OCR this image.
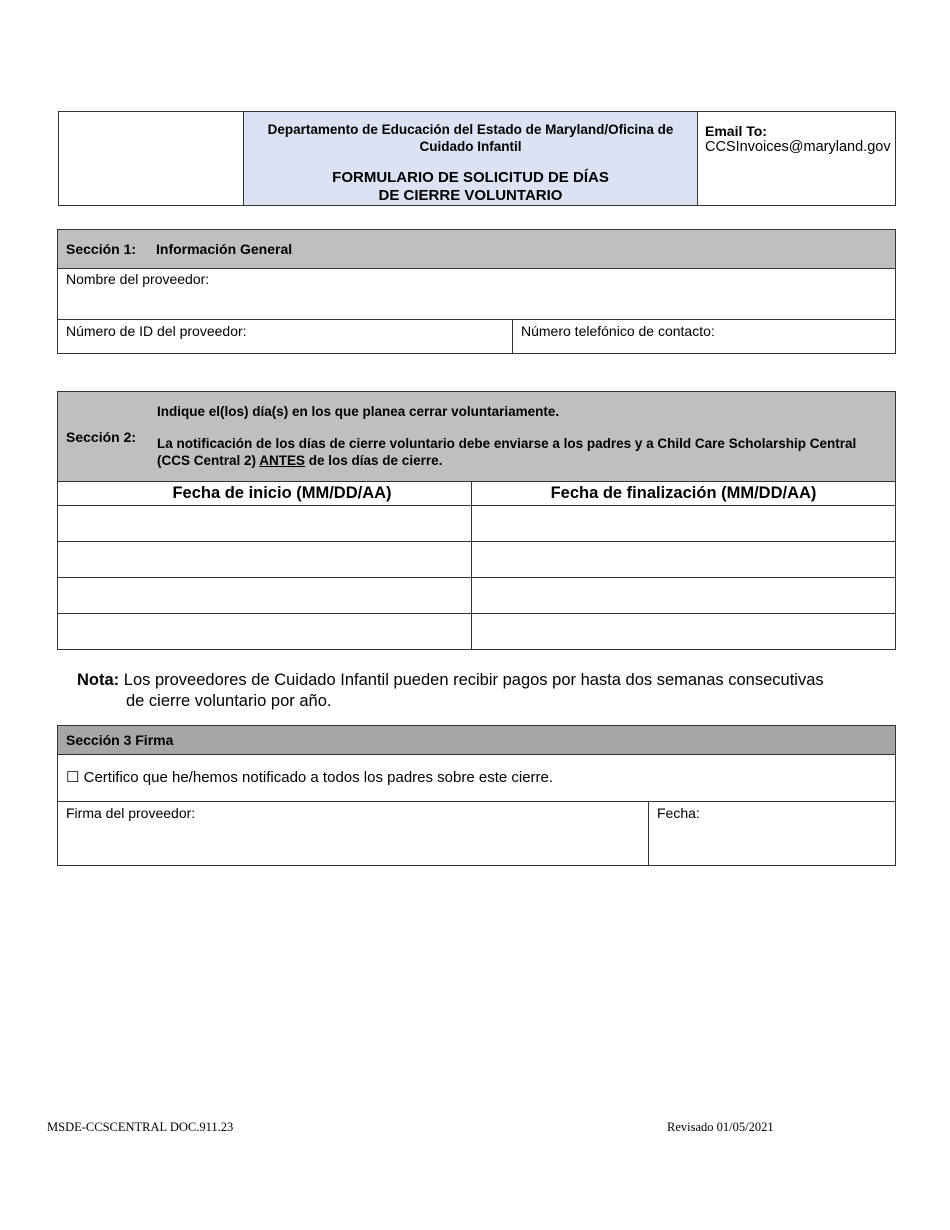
Departamento de Educación del Estado de Maryland/Oficina de Cuidado Infantil
FORMULARIO DE SOLICITUD DE DÍAS
DE CIERRE VOLUNTARIO
Email To:
CCSInvoices@maryland.gov
Sección 1: Información General
Nombre del proveedor:
Número de ID del proveedor:	Número telefónico de contacto:
Sección 2:
Indique el(los) día(s) en los que planea cerrar voluntariamente.
La notificación de los días de cierre voluntario debe enviarse a los padres y a Child Care Scholarship Central (CCS Central 2) ANTES de los días de cierre.
Fecha de inicio (MM/DD/AA)	Fecha de finalización (MM/DD/AA)
Nota: Los proveedores de Cuidado Infantil pueden recibir pagos por hasta dos semanas consecutivas
de cierre voluntario por año.
Sección 3 Firma
☐ Certifico que he/hemos notificado a todos los padres sobre este cierre.
Firma del proveedor:	Fecha:
MSDE-CCSCENTRAL DOC.911.23	Revisado 01/05/2021
